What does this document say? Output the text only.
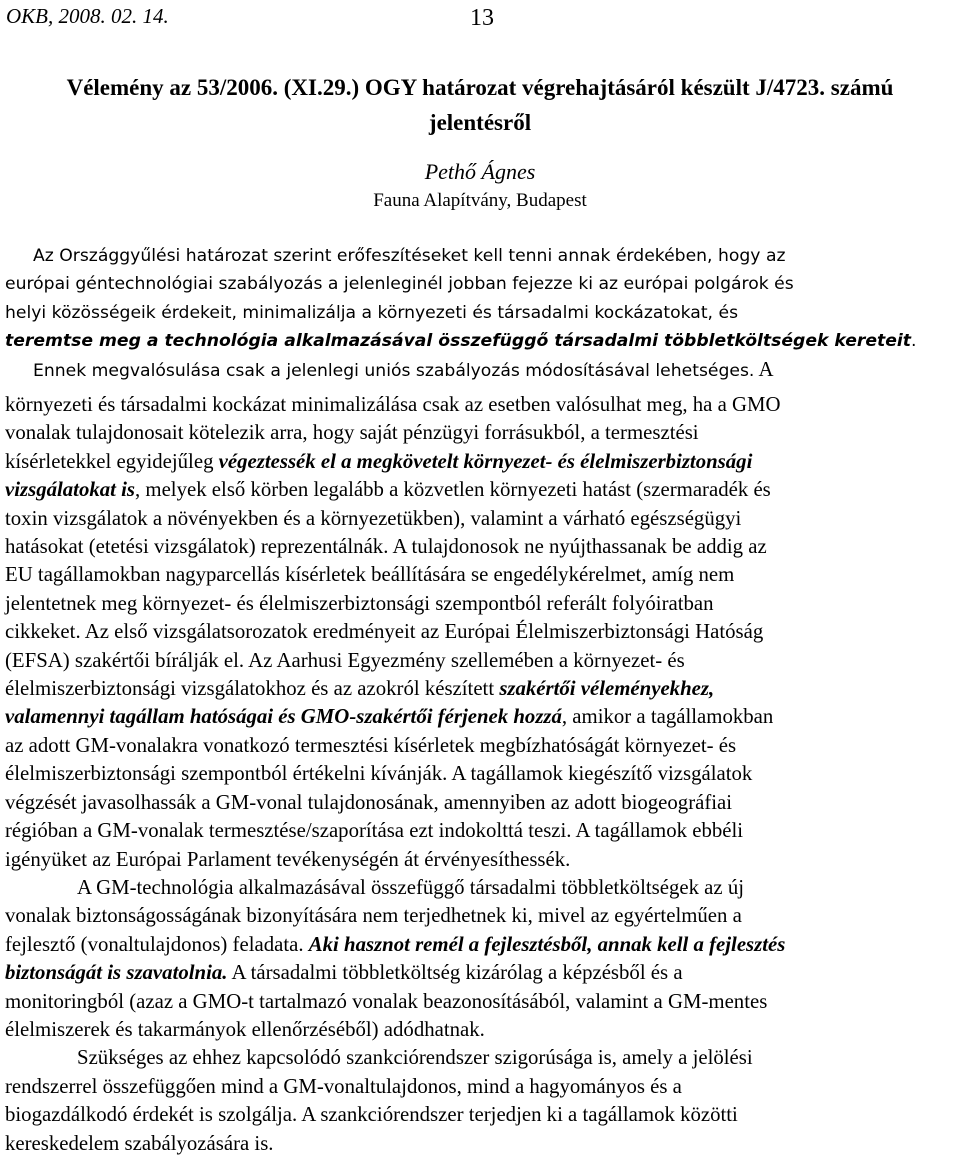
OKB, 2008. 02. 14.	13
Vélemény az 53/2006. (XI.29.) OGY határozat végrehajtásáról készült J/4723. számú
jelentésről
Pethő Ágnes
Fauna Alapítvány, Budapest
Az Országgyűlési határozat szerint erőfeszítéseket kell tenni annak érdekében, hogy az
európai géntechnológiai szabályozás a jelenleginél jobban fejezze ki az európai polgárok és
helyi közösségeik érdekeit, minimalizálja a környezeti és társadalmi kockázatokat, és
teremtse meg a technológia alkalmazásával összefüggő társadalmi többletköltségek kereteit.
Ennek megvalósulása csak a jelenlegi uniós szabályozás módosításával lehetséges. A
környezeti és társadalmi kockázat minimalizálása csak az esetben valósulhat meg, ha a GMO
vonalak tulajdonosait kötelezik arra, hogy saját pénzügyi forrásukból, a termesztési
kísérletekkel egyidejűleg végeztessék el a megkövetelt környezet- és élelmiszerbiztonsági
vizsgálatokat is, melyek első körben legalább a közvetlen környezeti hatást (szermaradék és
toxin vizsgálatok a növényekben és a környezetükben), valamint a várható egészségügyi
hatásokat (etetési vizsgálatok) reprezentálnák. A tulajdonosok ne nyújthassanak be addig az
EU tagállamokban nagyparcellás kísérletek beállítására se engedélykérelmet, amíg nem
jelentetnek meg környezet- és élelmiszerbiztonsági szempontból referált folyóiratban
cikkeket. Az első vizsgálatsorozatok eredményeit az Európai Élelmiszerbiztonsági Hatóság
(EFSA) szakértői bírálják el. Az Aarhusi Egyezmény szellemében a környezet- és
élelmiszerbiztonsági vizsgálatokhoz és az azokról készített szakértői véleményekhez,
valamennyi tagállam hatóságai és GMO-szakértői férjenek hozzá, amikor a tagállamokban
az adott GM-vonalakra vonatkozó termesztési kísérletek megbízhatóságát környezet- és
élelmiszerbiztonsági szempontból értékelni kívánják. A tagállamok kiegészítő vizsgálatok
végzését javasolhassák a GM-vonal tulajdonosának, amennyiben az adott biogeográfiai
régióban a GM-vonalak termesztése/szaporítása ezt indokolttá teszi. A tagállamok ebbéli
igényüket az Európai Parlament tevékenységén át érvényesíthessék.
A GM-technológia alkalmazásával összefüggő társadalmi többletköltségek az új
vonalak biztonságosságának bizonyítására nem terjedhetnek ki, mivel az egyértelműen a
fejlesztő (vonaltulajdonos) feladata. Aki hasznot remél a fejlesztésből, annak kell a fejlesztés
biztonságát is szavatolnia. A társadalmi többletköltség kizárólag a képzésből és a
monitoringból (azaz a GMO-t tartalmazó vonalak beazonosításából, valamint a GM-mentes
élelmiszerek és takarmányok ellenőrzéséből) adódhatnak.
Szükséges az ehhez kapcsolódó szankciórendszer szigorúsága is, amely a jelölési
rendszerrel összefüggően mind a GM-vonaltulajdonos, mind a hagyományos és a
biogazdálkodó érdekét is szolgálja. A szankciórendszer terjedjen ki a tagállamok közötti
kereskedelem szabályozására is.
